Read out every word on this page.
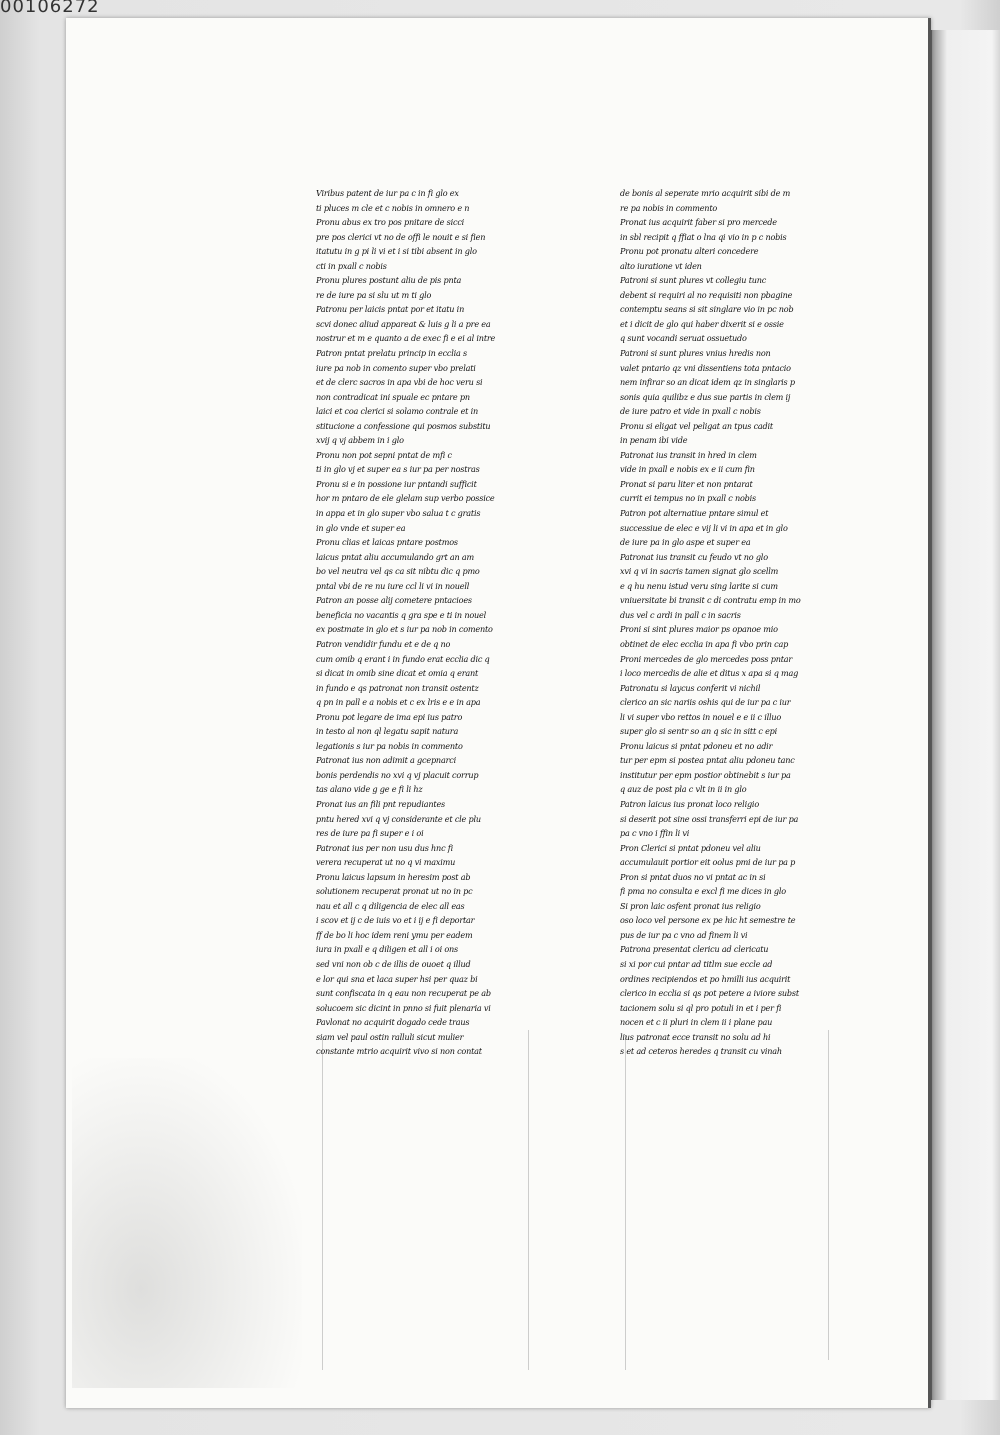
00106272
Viribus patent de iur pa c in fi glo ex
ti pluces m cle et c nobis in omnero e n
Pronu abus ex tro pos pnitare de sicci
pre pos clerici vt no de offi le nouit e si fien
itatutu in g pi li vi et i si tibi absent in glo
cti in pxall c nobis
Pronu plures postunt aliu de pis pnta
re de iure pa si slu ut m ti glo
Patronu per laicis pntat por et itatu in
scvi donec aliud appareat & luis g li a pre ea
nostrur et m e quanto a de exec fi e ei al intre
Patron pntat prelatu princip in ecclia s
iure pa nob in comento super vbo prelati
et de clerc sacros in apa vbi de hoc veru si
non contradicat ini spuale ec pntare pn
laici et coa clerici si solamo contrale et in
stitucione a confessione qui posmos substitu
xvij q vj abbem in i glo
Pronu non pot sepni pntat de mfi c
ti in glo vj et super ea s iur pa per nostras
Pronu si e in possione iur pntandi sufficit
hor m pntaro de ele glelam sup verbo possice
in appa et in glo super vbo salua t c gratis
in glo vnde et super ea
Pronu clias et laicas pntare postmos
laicus pntat aliu accumulando grt an am
bo vel neutra vel qs ca sit nibtu dic q pmo
pntal vbi de re nu iure ccl li vi in nouell
Patron an posse alij cometere pntacioes
beneficia no vacantis q gra spe e ti in nouel
ex postmate in glo et s iur pa nob in comento
Patron vendidir fundu et e de q no
cum omib q erant i in fundo erat ecclia dic q
si dicat in omib sine dicat et omia q erant
in fundo e qs patronat non transit ostentz
q pn in pall e a nobis et c ex lris e e in apa
Pronu pot legare de ima epi ius patro
in testo al non ql legatu sapit natura
legationis s iur pa nobis in commento
Patronat ius non adimit a gcepnarci
bonis perdendis no xvi q vj placuit corrup
tas alano vide g ge e fi li hz
Pronat ius an fili pnt repudiantes
pntu hered xvi q vj considerante et cle plu
res de iure pa fi super e i oi
Patronat ius per non usu dus hnc fi
verera recuperat ut no q vi maximu
Pronu laicus lapsum in heresim post ab
solutionem recuperat pronat ut no in pc
nau et all c q diligencia de elec all eas
i scov et ij c de iuis vo et i ij e fi deportar
ff de bo li hoc idem reni ymu per eadem
iura in pxall e q diligen et all i oi ons
sed vni non ob c de illis de ouoet q illud
e lor qui sna et laca super hsi per quaz bi
sunt confiscata in q eau non recuperat pe ab
solucoem sic dicint in pnno si fuit plenaria vi
Pavlonat no acquirit dogado cede traus
siam vel paul ostin ralluli sicut mulier
constante mtrio acquirit vivo si non contat
de bonis al seperate mrio acquirit sibi de m
re pa nobis in commento
Pronat ius acquirit faber si pro mercede
in sbl recipit q ffiat o lna qi vio in p c nobis
Pronu pot pronatu alteri concedere
alto iuratione vt iden
Patroni si sunt plures vt collegiu tunc
debent si requiri al no requisiti non pbagine
contemptu seans si sit singlare vio in pc nob
et i dicit de glo qui haber dixerit si e ossie
q sunt vocandi seruat ossuetudo
Patroni si sunt plures vnius hredis non
valet pntario qz vni dissentiens tota pntacio
nem infirar so an dicat idem qz in singlaris p
sonis quia quilibz e dus sue partis in clem ij
de iure patro et vide in pxall c nobis
Pronu si eligat vel peligat an tpus cadit
in penam ibi vide
Patronat ius transit in hred in clem
vide in pxall e nobis ex e ii cum fin
Pronat si paru liter et non pntarat
currit ei tempus no in pxall c nobis
Patron pot alternatiue pntare simul et
successiue de elec e vij li vi in apa et in glo
de iure pa in glo aspe et super ea
Patronat ius transit cu feudo vt no glo
xvi q vi in sacris tamen signat glo scellm
e q hu nenu istud veru sing larite si cum
vniuersitate bi transit c di contratu emp in mo
dus vel c ardi in pall c in sacris
Proni si sint plures maior ps opanoe mio
obtinet de elec ecclia in apa fi vbo prin cap
Proni mercedes de glo mercedes poss pntar
i loco mercedis de alie et ditus x apa si q mag
Patronatu si laycus conferit vi nichil
clerico an sic nariis oshis qui de iur pa c iur
li vi super vbo rettos in nouel e e ii c illuo
super glo si sentr so an q sic in sitt c epi
Pronu laicus si pntat pdoneu et no adir
tur per epm si postea pntat aliu pdoneu tanc
institutur per epm postior obtinebit s iur pa
q auz de post pla c vlt in ii in glo
Patron laicus ius pronat loco religio
si deserit pot sine ossi transferri epi de iur pa
pa c vno i ffin li vi
Pron Clerici si pntat pdoneu vel aliu
accumulauit portior eit oolus pmi de iur pa p
Pron si pntat duos no vi pntat ac in si
fi pma no consulta e excl fi me dices in glo
Si pron laic osfent pronat ius religio
oso loco vel persone ex pe hic ht semestre te
pus de iur pa c vno ad finem li vi
Patrona presentat clericu ad clericatu
si xi por cui pntar ad titlm sue eccle ad
ordines recipiendos et po hmilli ius acquirit
clerico in ecclia si qs pot petere a iviore subst
tacionem solu si ql pro potuli in et i per fi
nocen et c ii pluri in clem ii i plane pau
lius patronat ecce transit no solu ad hi
s et ad ceteros heredes q transit cu vinah
